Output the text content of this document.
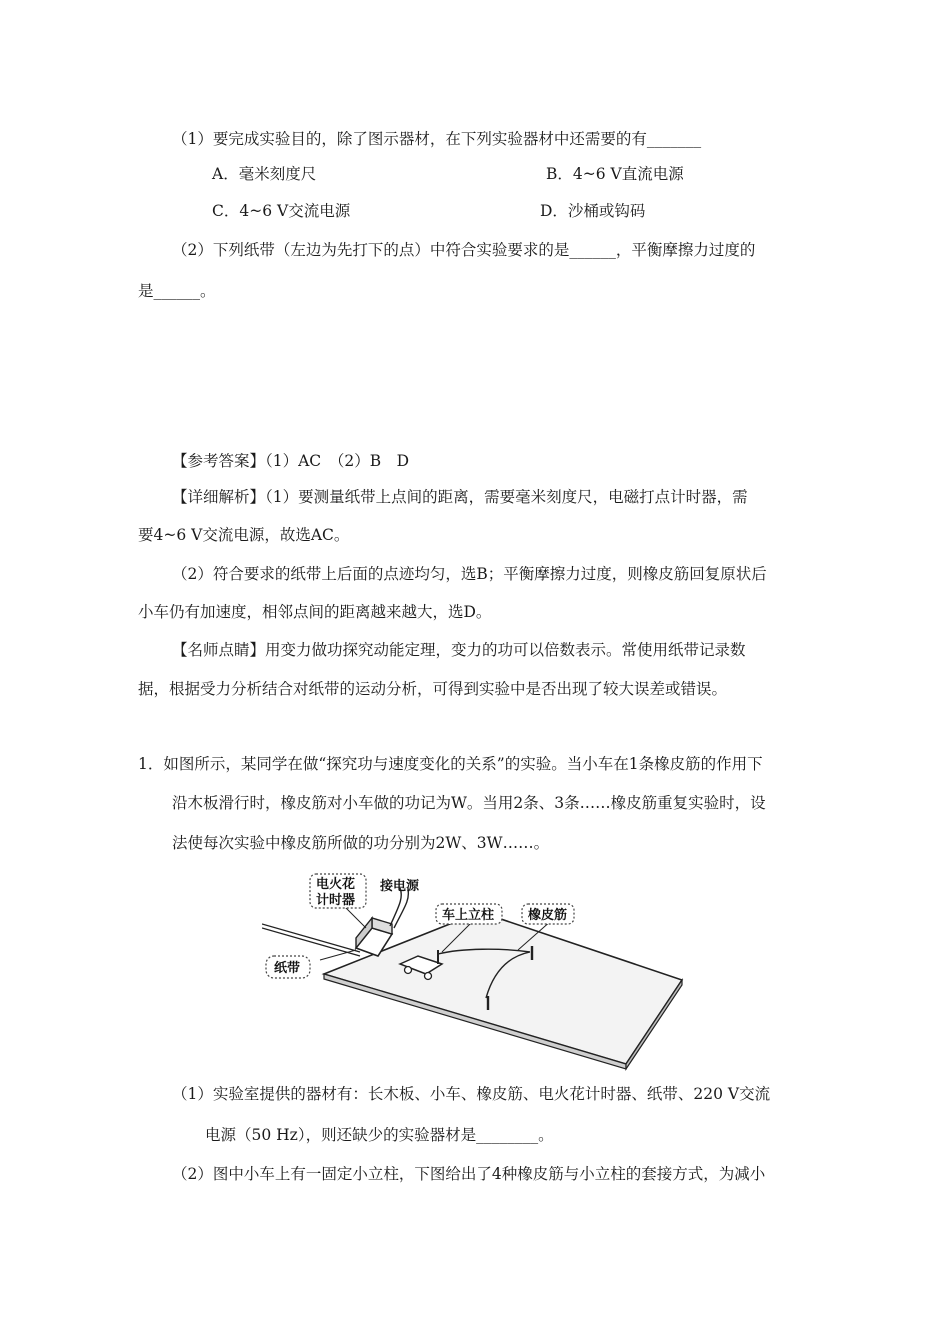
（1）要完成实验目的，除了图示器材，在下列实验器材中还需要的有_______
A．毫米刻度尺	B．4~6 V直流电源
C．4~6 V交流电源	D．沙桶或钩码
（2）下列纸带（左边为先打下的点）中符合实验要求的是______，平衡摩擦力过度的
是______。
【参考答案】（1）AC　（2）B　D
【详细解析】（1）要测量纸带上点间的距离，需要毫米刻度尺，电磁打点计时器，需
要4~6 V交流电源，故选AC。
（2）符合要求的纸带上后面的点迹均匀，选B；平衡摩擦力过度，则橡皮筋回复原状后
小车仍有加速度，相邻点间的距离越来越大，选D。
【名师点睛】用变力做功探究动能定理，变力的功可以倍数表示。常使用纸带记录数
据，根据受力分析结合对纸带的运动分析，可得到实验中是否出现了较大误差或错误。
1．如图所示，某同学在做“探究功与速度变化的关系”的实验。当小车在1条橡皮筋的作用下
沿木板滑行时，橡皮筋对小车做的功记为W。当用2条、3条……橡皮筋重复实验时，设
法使每次实验中橡皮筋所做的功分别为2W、3W……。
电火花
计时器
接电源
车上立柱	橡皮筋
纸带
（1）实验室提供的器材有：长木板、小车、橡皮筋、电火花计时器、纸带、220 V交流
电源（50 Hz），则还缺少的实验器材是________。
（2）图中小车上有一固定小立柱，下图给出了4种橡皮筋与小立柱的套接方式，为减小
